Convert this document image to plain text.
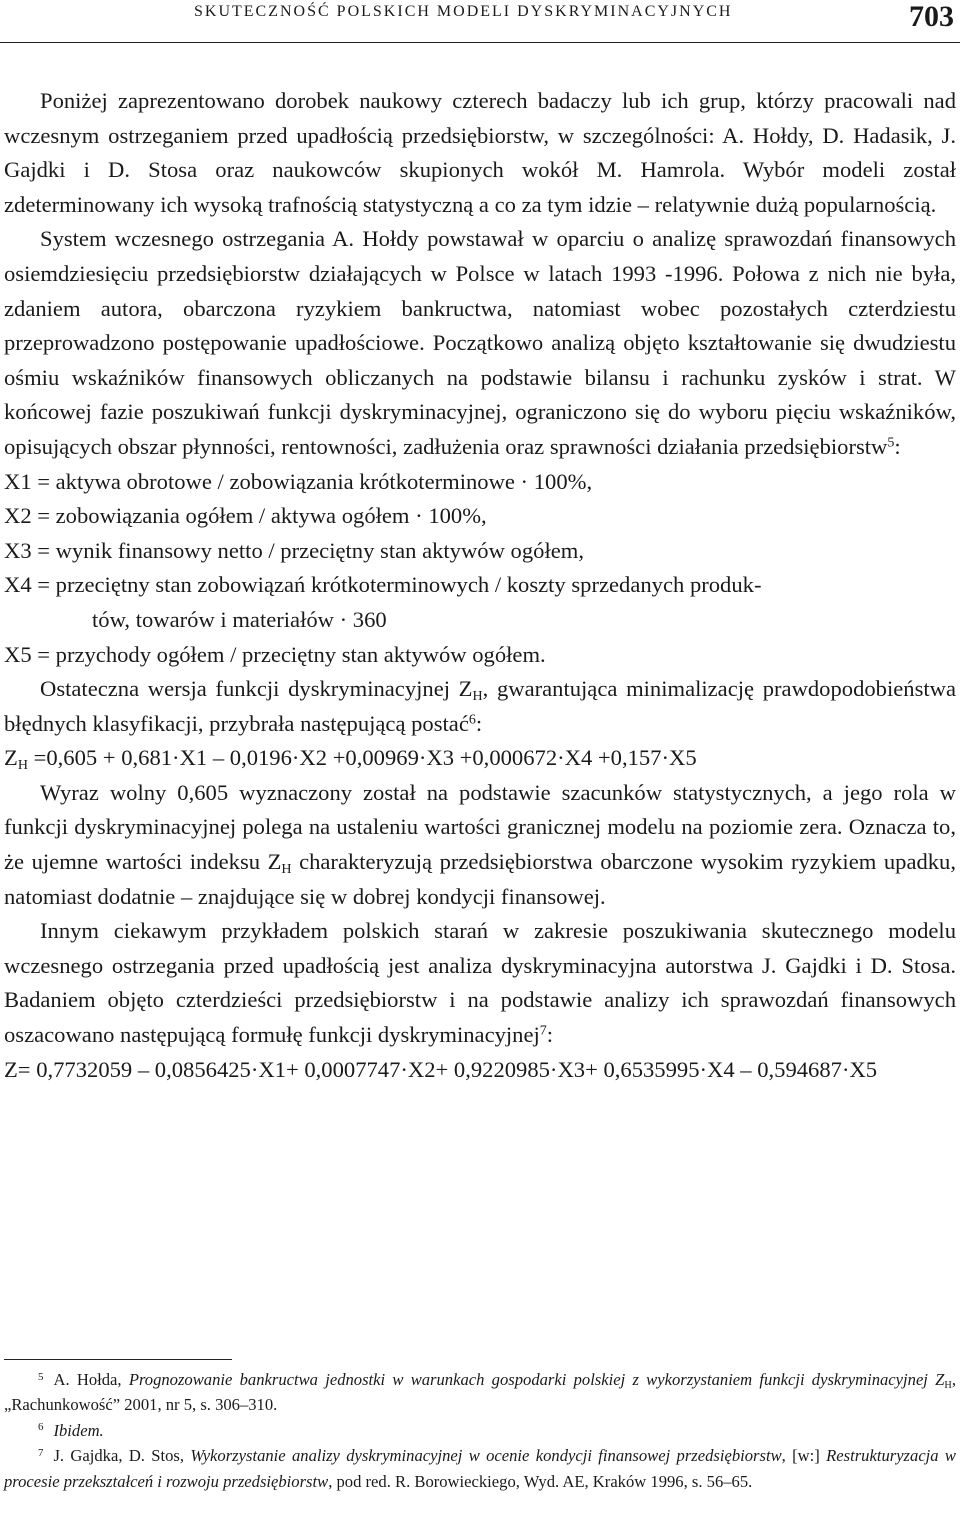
SKUTECZNOŚĆ POLSKICH MODELI DYSKRYMINACYJNYCH	703

Poniżej zaprezentowano dorobek naukowy czterech badaczy lub ich grup, którzy pracowali nad wczesnym ostrzeganiem przed upadłością przedsiębiorstw, w szczególności: A. Hołdy, D. Hadasik, J. Gajdki i D. Stosa oraz naukowców skupionych wokół M. Hamrola. Wybór modeli został zdeterminowany ich wysoką trafnością statystyczną a co za tym idzie – relatywnie dużą popularnością.

System wczesnego ostrzegania A. Hołdy powstawał w oparciu o analizę sprawozdań finansowych osiemdziesięciu przedsiębiorstw działających w Polsce w latach 1993 -1996. Połowa z nich nie była, zdaniem autora, obarczona ryzykiem bankructwa, natomiast wobec pozostałych czterdziestu przeprowadzono postępowanie upadłościowe. Początkowo analizą objęto kształtowanie się dwudziestu ośmiu wskaźników finansowych obliczanych na podstawie bilansu i rachunku zysków i strat. W końcowej fazie poszukiwań funkcji dyskryminacyjnej, ograniczono się do wyboru pięciu wskaźników, opisujących obszar płynności, rentowności, zadłużenia oraz sprawności działania przedsiębiorstw$^5$:

X1 = aktywa obrotowe / zobowiązania krótkoterminowe · 100%,
X2 = zobowiązania ogółem / aktywa ogółem · 100%,
X3 = wynik finansowy netto / przeciętny stan aktywów ogółem,
X4 = przeciętny stan zobowiązań krótkoterminowych / koszty sprzedanych produk-
tów, towarów i materiałów · 360
X5 = przychody ogółem / przeciętny stan aktywów ogółem.

Ostateczna wersja funkcji dyskryminacyjnej $Z_H$, gwarantująca minimalizację prawdopodobieństwa błędnych klasyfikacji, przybrała następującą postać$^6$:

$Z_H =0,605 + 0,681\cdot X1 - 0,0196\cdot X2 +0,00969\cdot X3 +0,000672\cdot X4 +0,157\cdot X5$

Wyraz wolny 0,605 wyznaczony został na podstawie szacunków statystycznych, a jego rola w funkcji dyskryminacyjnej polega na ustaleniu wartości granicznej modelu na poziomie zera. Oznacza to, że ujemne wartości indeksu $Z_H$ charakteryzują przedsiębiorstwa obarczone wysokim ryzykiem upadku, natomiast dodatnie – znajdujące się w dobrej kondycji finansowej.

Innym ciekawym przykładem polskich starań w zakresie poszukiwania skutecznego modelu wczesnego ostrzegania przed upadłością jest analiza dyskryminacyjna autorstwa J. Gajdki i D. Stosa. Badaniem objęto czterdzieści przedsiębiorstw i na podstawie analizy ich sprawozdań finansowych oszacowano następującą formułę funkcji dyskryminacyjnej$^7$:

Z= 0,7732059 – 0,0856425·X1+ 0,0007747·X2+ 0,9220985·X3+ 0,6535995·X4 – 0,594687·X5

$^5$ A. Hołda, Prognozowanie bankructwa jednostki w warunkach gospodarki polskiej z wykorzystaniem funkcji dyskryminacyjnej $Z_H$, „Rachunkowość” 2001, nr 5, s. 306–310.

$^6$ Ibidem.

$^7$ J. Gajdka, D. Stos, Wykorzystanie analizy dyskryminacyjnej w ocenie kondycji finansowej przedsiębiorstw, [w:] Restrukturyzacja w procesie przekształceń i rozwoju przedsiębiorstw, pod red. R. Borowieckiego, Wyd. AE, Kraków 1996, s. 56–65.
